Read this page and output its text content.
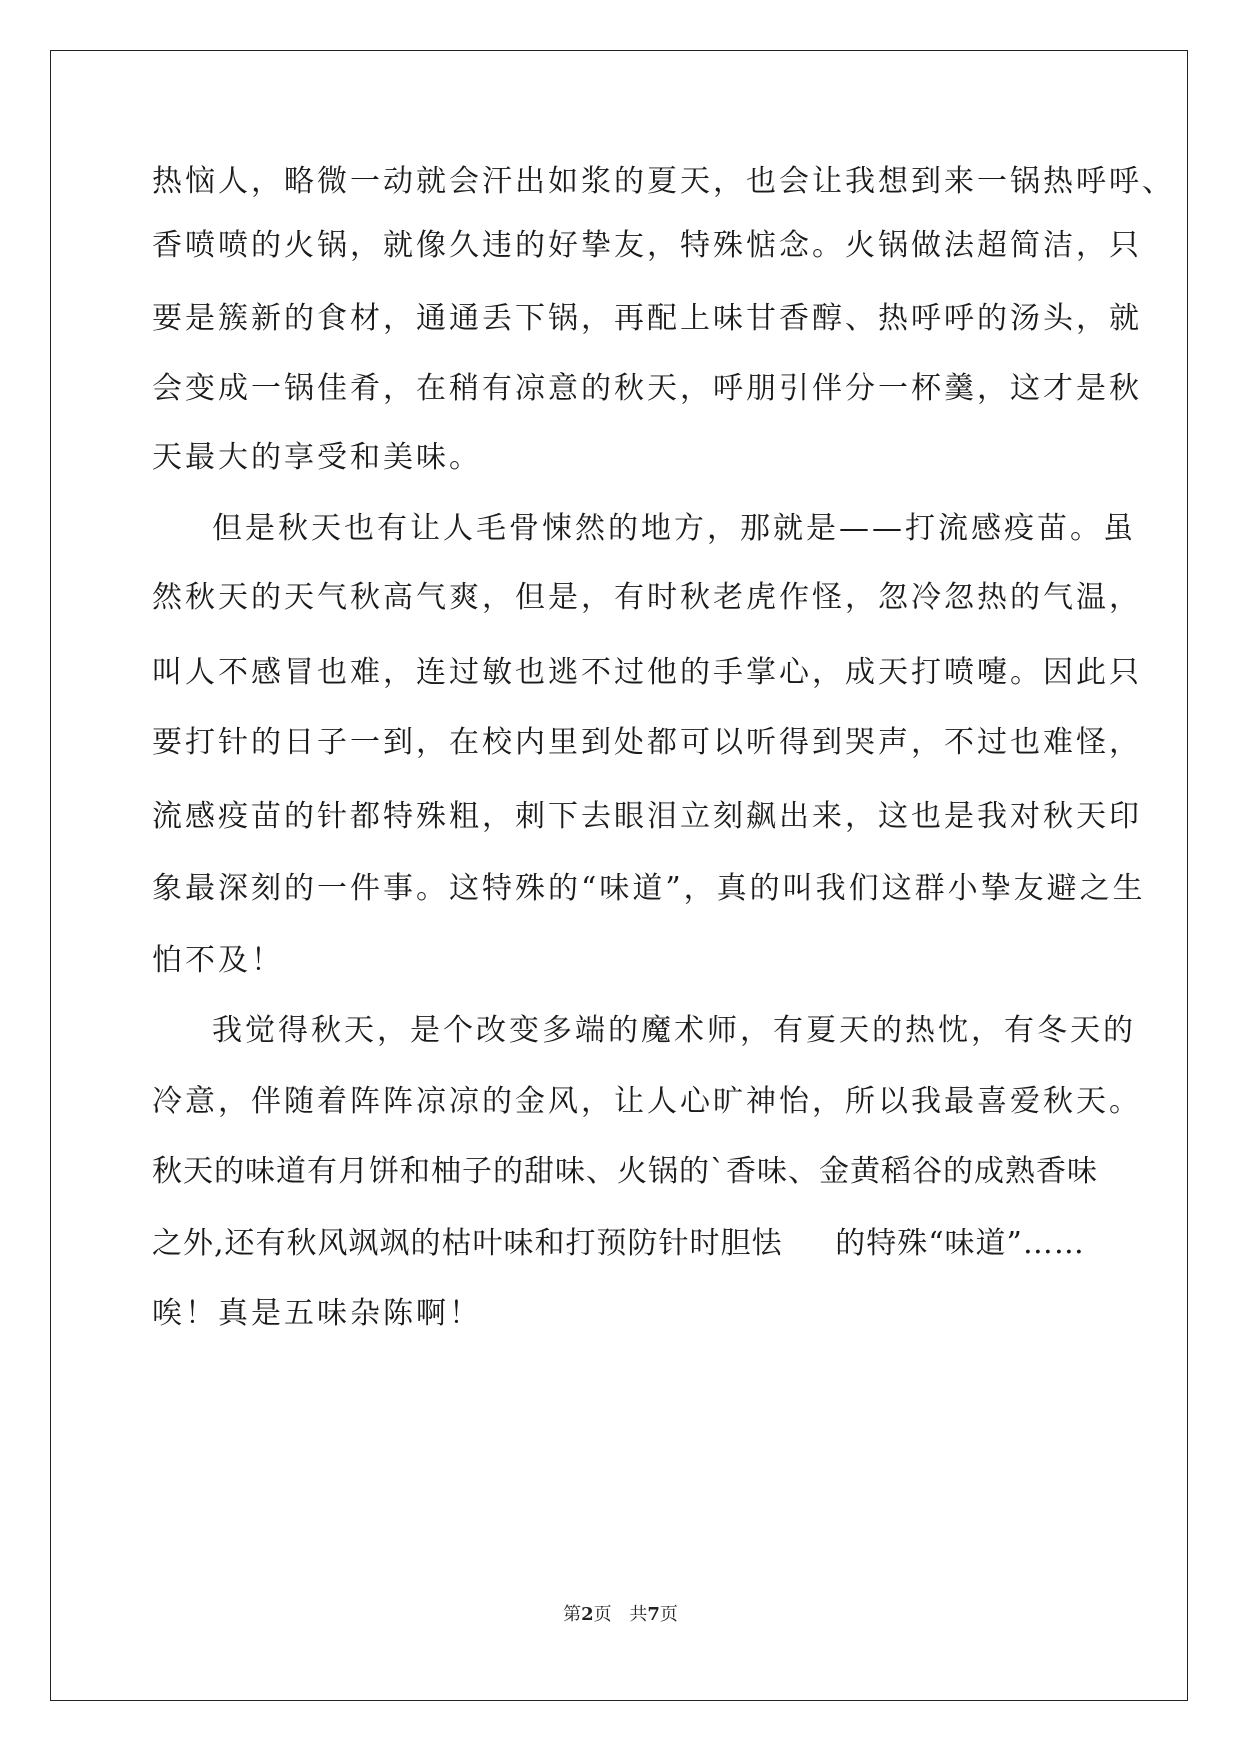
热恼人，略微一动就会汗出如浆的夏天，也会让我想到来一锅热呼呼、
香喷喷的火锅，就像久违的好挚友，特殊惦念。火锅做法超简洁，只
要是簇新的食材，通通丢下锅，再配上味甘香醇、热呼呼的汤头，就
会变成一锅佳肴，在稍有凉意的秋天，呼朋引伴分一杯羹，这才是秋
天最大的享受和美味。
但是秋天也有让人毛骨悚然的地方，那就是——打流感疫苗。虽
然秋天的天气秋高气爽，但是，有时秋老虎作怪，忽冷忽热的气温，
叫人不感冒也难，连过敏也逃不过他的手掌心，成天打喷嚏。因此只
要打针的日子一到，在校内里到处都可以听得到哭声，不过也难怪，
流感疫苗的针都特殊粗，刺下去眼泪立刻飙出来，这也是我对秋天印
象最深刻的一件事。这特殊的“味道”，真的叫我们这群小挚友避之生
怕不及！
我觉得秋天，是个改变多端的魔术师，有夏天的热忱，有冬天的
冷意，伴随着阵阵凉凉的金风，让人心旷神怡，所以我最喜爱秋天。
秋天的味道有月饼和柚子的甜味、火锅的`香味、金黄稻谷的成熟香味
之外,还有秋风飒飒的枯叶味和打预防针时胆怯     的特殊“味道”……
唉！真是五味杂陈啊！
第2页 共7页
